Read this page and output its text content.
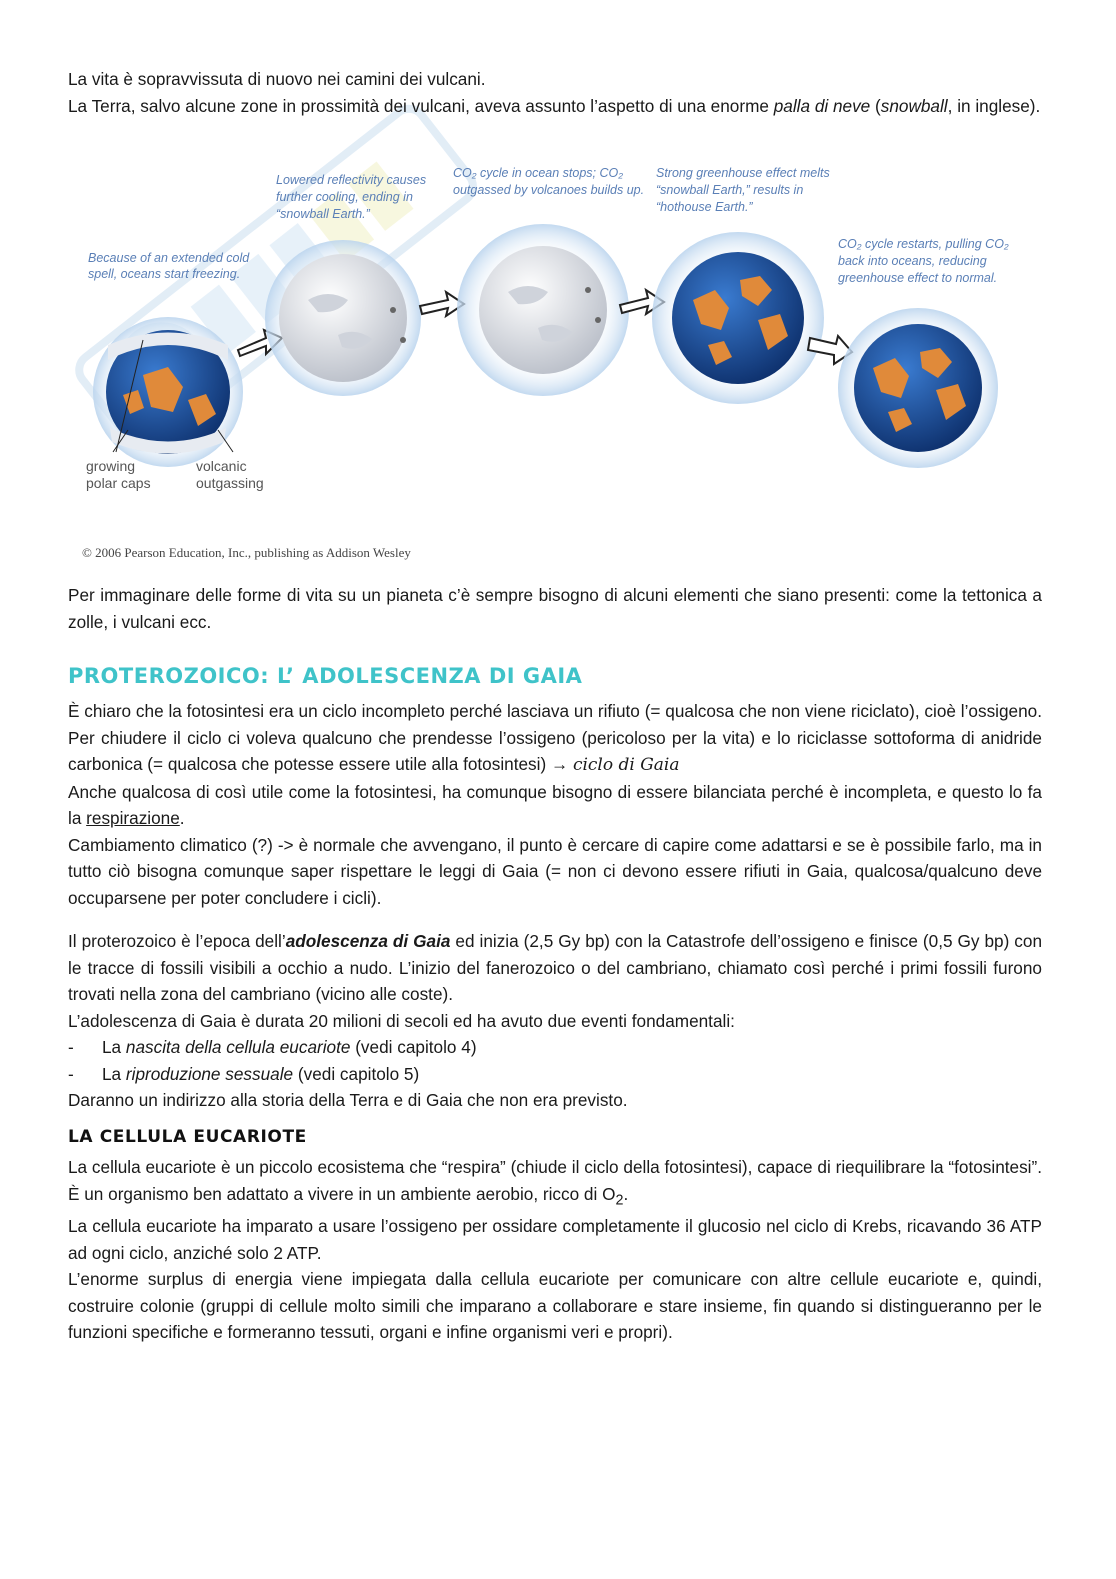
La vita è sopravvissuta di nuovo nei camini dei vulcani.

La Terra, salvo alcune zone in prossimità dei vulcani, aveva assunto l’aspetto di una enorme palla di neve (snowball, in inglese).

Because of an extended cold
spell, oceans start freezing.
Lowered reflectivity causes
further cooling, ending in
“snowball Earth.”
CO₂ cycle in ocean stops; CO₂
outgassed by volcanoes builds up.
Strong greenhouse effect melts
“snowball Earth,” results in
“hothouse Earth.”
CO₂ cycle restarts, pulling CO₂
back into oceans, reducing
greenhouse effect to normal.
growing
polar caps
volcanic
outgassing
© 2006 Pearson Education, Inc., publishing as Addison Wesley

Per immaginare delle forme di vita su un pianeta c’è sempre bisogno di alcuni elementi che siano presenti: come la tettonica a zolle, i vulcani ecc.

PROTEROZOICO: L’ ADOLESCENZA DI GAIA

È chiaro che la fotosintesi era un ciclo incompleto perché lasciava un rifiuto (= qualcosa che non viene riciclato), cioè l’ossigeno. Per chiudere il ciclo ci voleva qualcuno che prendesse l’ossigeno (pericoloso per la vita) e lo riciclasse sottoforma di anidride carbonica (= qualcosa che potesse essere utile alla fotosintesi) → ciclo di Gaia

Anche qualcosa di così utile come la fotosintesi, ha comunque bisogno di essere bilanciata perché è incompleta, e questo lo fa la respirazione.

Cambiamento climatico (?) -> è normale che avvengano, il punto è cercare di capire come adattarsi e se è possibile farlo, ma in tutto ciò bisogna comunque saper rispettare le leggi di Gaia (= non ci devono essere rifiuti in Gaia, qualcosa/qualcuno deve occuparsene per poter concludere i cicli).

Il proterozoico è l’epoca dell’adolescenza di Gaia ed inizia (2,5 Gy bp) con la Catastrofe dell’ossigeno e finisce (0,5 Gy bp) con le tracce di fossili visibili a occhio a nudo. L’inizio del fanerozoico o del cambriano, chiamato così perché i primi fossili furono trovati nella zona del cambriano (vicino alle coste).

L’adolescenza di Gaia è durata 20 milioni di secoli ed ha avuto due eventi fondamentali:

-	La nascita della cellula eucariote (vedi capitolo 4)
-	La riproduzione sessuale (vedi capitolo 5)

Daranno un indirizzo alla storia della Terra e di Gaia che non era previsto.

LA CELLULA EUCARIOTE

La cellula eucariote è un piccolo ecosistema che “respira” (chiude il ciclo della fotosintesi), capace di riequilibrare la “fotosintesi”. È un organismo ben adattato a vivere in un ambiente aerobio, ricco di $O_2$.

La cellula eucariote ha imparato a usare l’ossigeno per ossidare completamente il glucosio nel ciclo di Krebs, ricavando 36 ATP ad ogni ciclo, anziché solo 2 ATP.

L’enorme surplus di energia viene impiegata dalla cellula eucariote per comunicare con altre cellule eucariote e, quindi, costruire colonie (gruppi di cellule molto simili che imparano a collaborare e stare insieme, fin quando si distingueranno per le funzioni specifiche e formeranno tessuti, organi e infine organismi veri e propri).
